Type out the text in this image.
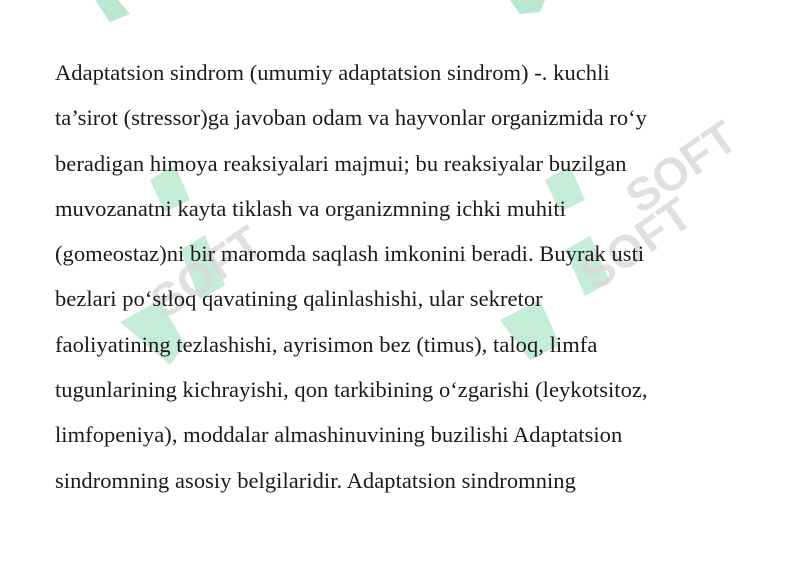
SOFT	SOFT
SOFT
Adaptatsion sindrom (umumiy adaptatsion sindrom) -. kuchli
ta’sirot (stressor)ga javoban odam va hayvonlar organizmida ro‘y
beradigan himoya reaksiyalari majmui; bu reaksiyalar buzilgan
muvozanatni kayta tiklash va organizmning ichki muhiti
(gomeostaz)ni bir maromda saqlash imkonini beradi. Buyrak usti
bezlari po‘stloq qavatining qalinlashishi, ular sekretor
faoliyatining tezlashishi, ayrisimon bez (timus), taloq, limfa
tugunlarining kichrayishi, qon tarkibining o‘zgarishi (leykotsitoz,
limfopeniya), moddalar almashinuvining buzilishi Adaptatsion
sindromning asosiy belgilaridir. Adaptatsion sindromning
